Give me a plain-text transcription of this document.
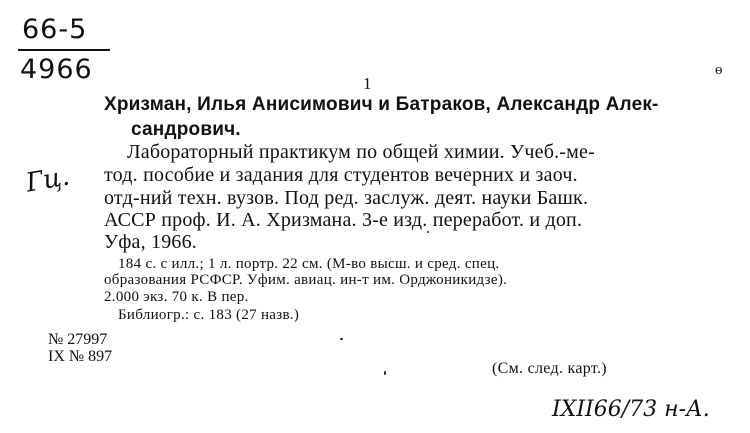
66-5
4966	1
ɵ
Гц.
Хризман, Илья Анисимович и Батраков, Александр Алек-
сандрович.
Лабораторный практикум по общей химии. Учеб.-ме-
тод. пособие и задания для студентов вечерних и заоч.
отд-ний техн. вузов. Под ред. заслуж. деят. науки Башк.
АССР проф. И. А. Хризмана. 3-е изд. переработ. и доп.
Уфа, 1966.
184 с. с илл.; 1 л. портр. 22 см. (М-во высш. и сред. спец.
образования РСФСР. Уфим. авиац. ин-т им. Орджоникидзе).
2.000 экз. 70 к. В пер.
Библиогр.: с. 183 (27 назв.)
№ 27997
IX № 897
(См. след. карт.)
IXII66/73 н-А.
